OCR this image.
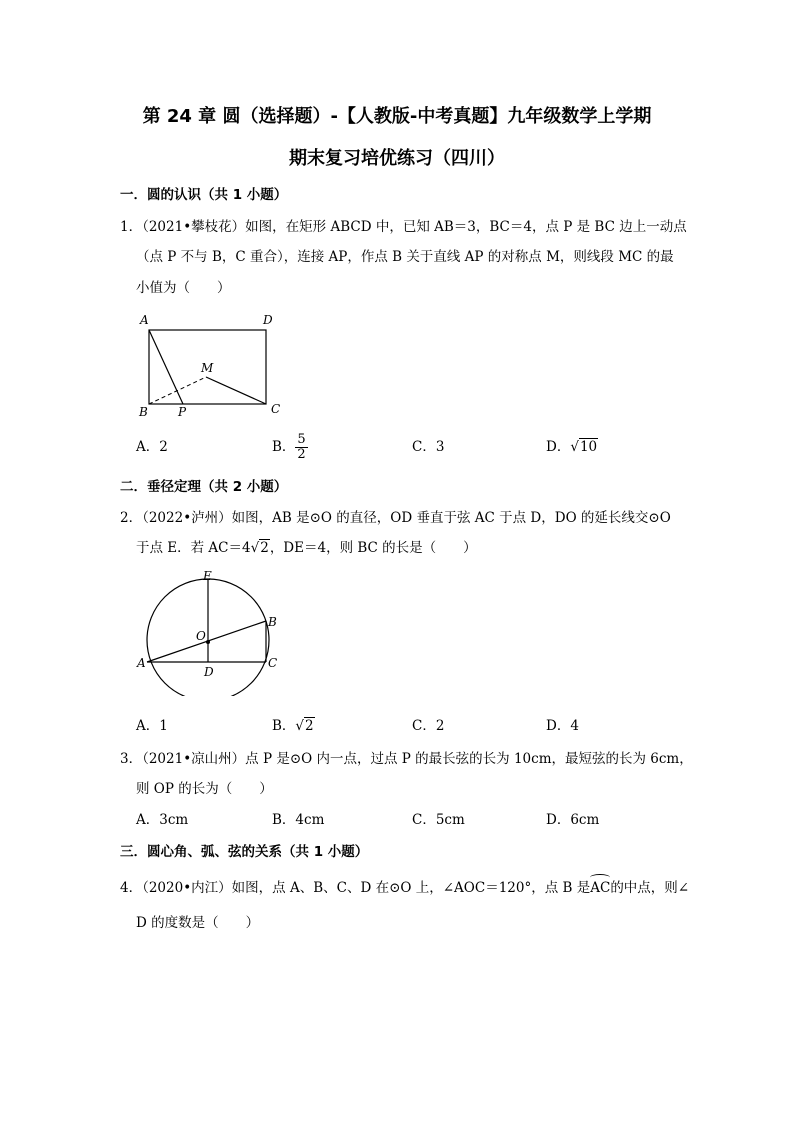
第 24 章 圆（选择题）-【人教版-中考真题】九年级数学上学期
期末复习培优练习（四川）
一．圆的认识（共 1 小题）
1．（2021•攀枝花）如图，在矩形 ABCD 中，已知 AB＝3，BC＝4，点 P 是 BC 边上一动点
（点 P 不与 B，C 重合），连接 AP，作点 B 关于直线 AP 的对称点 M，则线段 MC 的最
小值为（　　）
A	D
M
B	P	C
A．2	B． $\frac{5}{2}$	C．3	D．√10
二．垂径定理（共 2 小题）
2．（2022•泸州）如图，AB 是⊙O 的直径，OD 垂直于弦 AC 于点 D，DO 的延长线交⊙O
于点 E．若 AC＝4√2，DE＝4，则 BC 的长是（　　）
E
O
B
A
D
C
A．1	B．√2	C．2	D．4
3．（2021•凉山州）点 P 是⊙O 内一点，过点 P 的最长弦的长为 10cm，最短弦的长为 6cm，
则 OP 的长为（　　）
A．3cm	B．4cm	C．5cm	D．6cm
三．圆心角、弧、弦的关系（共 1 小题）
4．（2020•内江）如图，点 A、B、C、D 在⊙O 上，∠AOC＝120°，点 B 是AC的中点，则∠
D 的度数是（　　）
